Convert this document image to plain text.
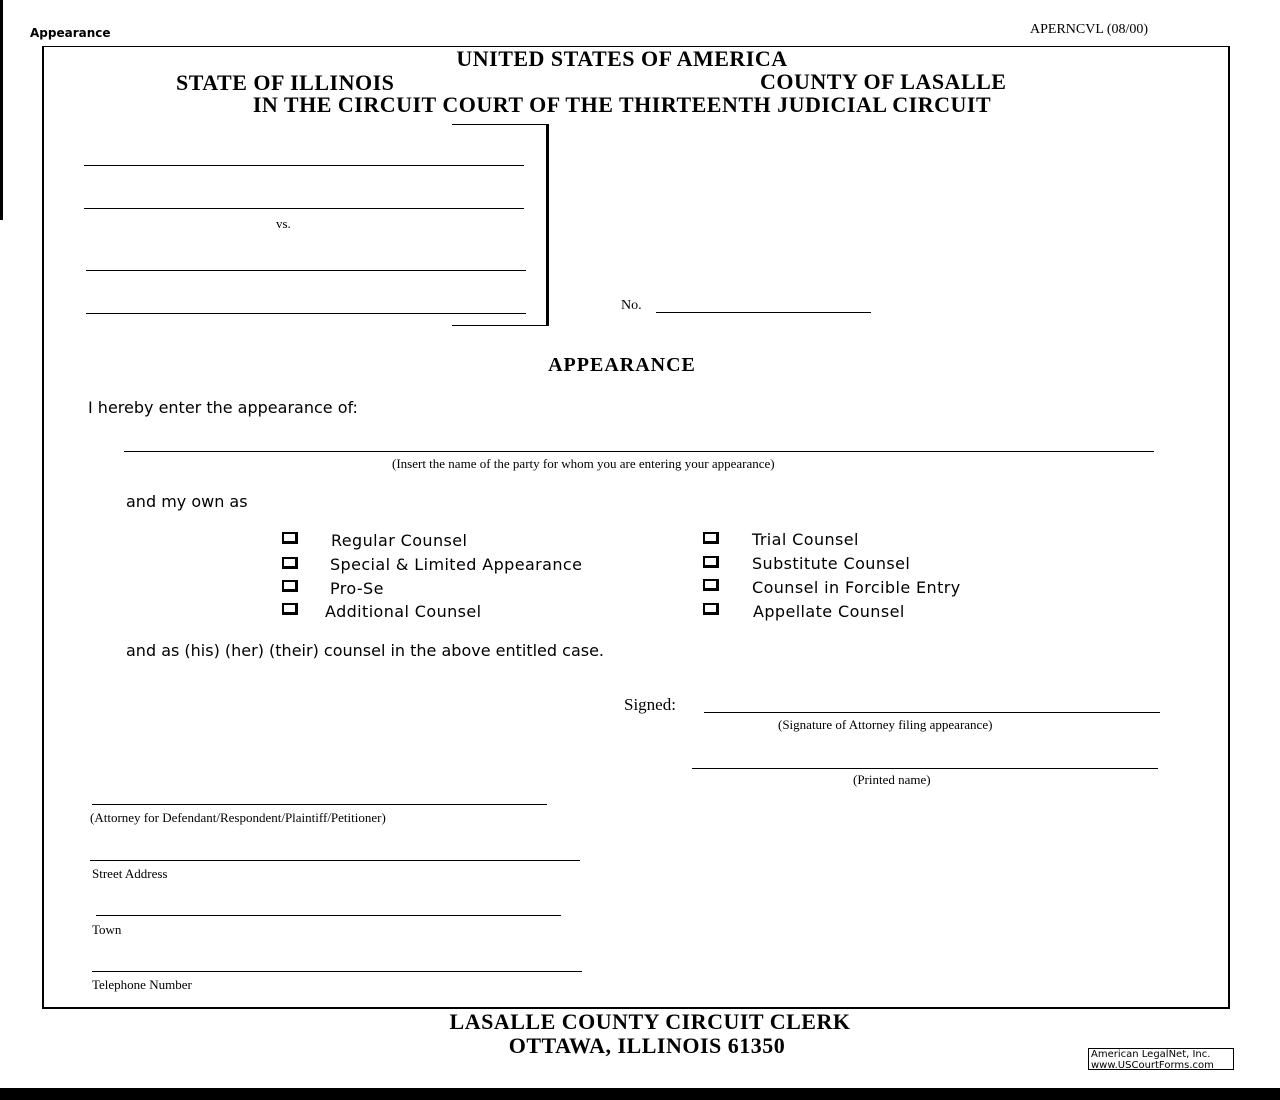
Appearance	APERNCVL (08/00)
UNITED STATES OF AMERICA
STATE OF ILLINOIS	COUNTY OF LASALLE
IN THE CIRCUIT COURT OF THE THIRTEENTH JUDICIAL CIRCUIT
vs.
No.
APPEARANCE
I hereby enter the appearance of:
(Insert the name of the party for whom you are entering your appearance)
and my own as
Regular Counsel
Special & Limited Appearance
Pro-Se
Additional Counsel
Trial Counsel
Substitute Counsel
Counsel in Forcible Entry
Appellate Counsel
and as (his) (her) (their) counsel in the above entitled case.
Signed:
(Signature of Attorney filing appearance)
(Printed name)
(Attorney for Defendant/Respondent/Plaintiff/Petitioner)
Street Address
Town
Telephone Number
LASALLE COUNTY CIRCUIT CLERK
OTTAWA, ILLINOIS 61350	American LegalNet, Inc.
www.USCourtForms.com
